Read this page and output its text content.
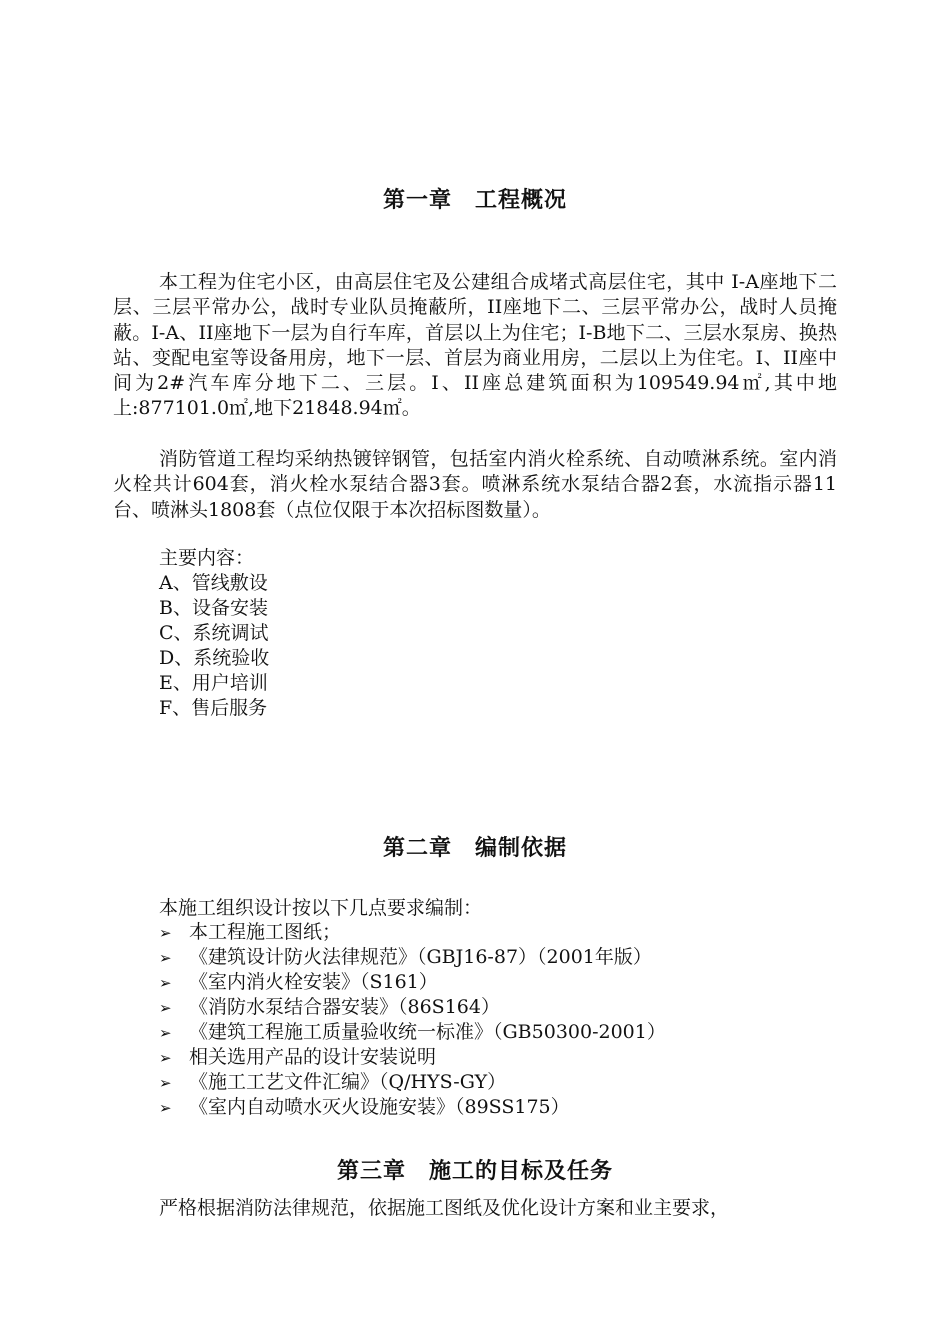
第一章　工程概况
本工程为住宅小区，由高层住宅及公建组合成堵式高层住宅，其中 I-A座地下二层、三层平常办公，战时专业队员掩蔽所，II座地下二、三层平常办公，战时人员掩蔽。I-A、II座地下一层为自行车库，首层以上为住宅；I-B地下二、三层水泵房、换热站、变配电室等设备用房，地下一层、首层为商业用房，二层以上为住宅。I、II座中间为2#汽车库分地下二、三层。I、II座总建筑面积为109549.94㎡,其中地上:877101.0㎡,地下21848.94㎡。
消防管道工程均采纳热镀锌钢管，包括室内消火栓系统、自动喷淋系统。室内消火栓共计604套，消火栓水泵结合器3套。喷淋系统水泵结合器2套，水流指示器11台、喷淋头1808套（点位仅限于本次招标图数量）。
主要内容：
A、管线敷设
B、设备安装
C、系统调试
D、系统验收
E、用户培训
F、售后服务
第二章　编制依据
本施工组织设计按以下几点要求编制：
➢ 本工程施工图纸；
➢ 《建筑设计防火法律规范》（GBJ16-87）（2001年版）
➢ 《室内消火栓安装》（S161）
➢ 《消防水泵结合器安装》（86S164）
➢ 《建筑工程施工质量验收统一标准》（GB50300-2001）
➢ 相关选用产品的设计安装说明
➢ 《施工工艺文件汇编》（Q/HYS-GY）
➢ 《室内自动喷水灭火设施安装》（89SS175）
第三章　施工的目标及任务
严格根据消防法律规范，依据施工图纸及优化设计方案和业主要求，
